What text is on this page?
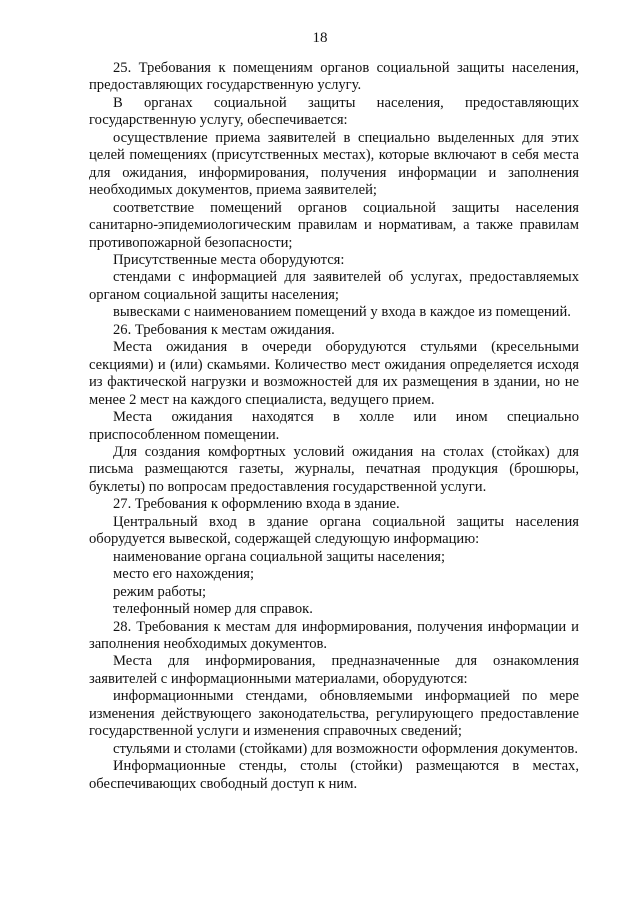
18

25. Требования к помещениям органов социальной защиты населения, предоставляющих государственную услугу.

В органах социальной защиты населения, предоставляющих государственную услугу, обеспечивается:

осуществление приема заявителей в специально выделенных для этих целей помещениях (присутственных местах), которые включают в себя места для ожидания, информирования, получения информации и заполнения необходимых документов, приема заявителей;

соответствие помещений органов социальной защиты населения санитарно-эпидемиологическим правилам и нормативам, а также правилам противопожарной безопасности;

Присутственные места оборудуются:

стендами с информацией для заявителей об услугах, предоставляемых органом социальной защиты населения;

вывесками с наименованием помещений у входа в каждое из помещений.

26. Требования к местам ожидания.

Места ожидания в очереди оборудуются стульями (кресельными секциями) и (или) скамьями. Количество мест ожидания определяется исходя из фактической нагрузки и возможностей для их размещения в здании, но не менее 2 мест на каждого специалиста, ведущего прием.

Места ожидания находятся в холле или ином специально приспособленном помещении.

Для создания комфортных условий ожидания на столах (стойках) для письма размещаются газеты, журналы, печатная продукция (брошюры, буклеты) по вопросам предоставления государственной услуги.

27. Требования к оформлению входа в здание.

Центральный вход в здание органа социальной защиты населения оборудуется вывеской, содержащей следующую информацию:

наименование органа социальной защиты населения;

место его нахождения;

режим работы;

телефонный номер для справок.

28. Требования к местам для информирования, получения информации и заполнения необходимых документов.

Места для информирования, предназначенные для ознакомления заявителей с информационными материалами, оборудуются:

информационными стендами, обновляемыми информацией по мере изменения действующего законодательства, регулирующего предоставление государственной услуги и изменения справочных сведений;

стульями и столами (стойками) для возможности оформления документов.

Информационные стенды, столы (стойки) размещаются в местах, обеспечивающих свободный доступ к ним.
